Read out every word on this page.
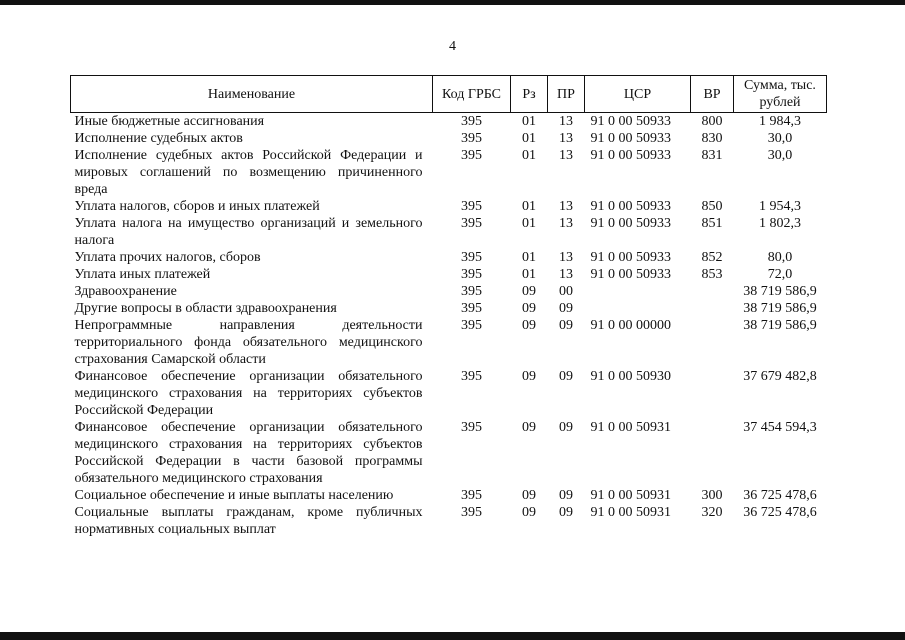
4
Наименование	Код ГРБС	Рз	ПР	ЦСР	ВР	Сумма, тыс. рублей
Иные бюджетные ассигнования	395	01	13	91 0 00 50933	800	1 984,3
Исполнение судебных актов	395	01	13	91 0 00 50933	830	30,0
Исполнение судебных актов Российской Федерации и мировых соглашений по возмещению причиненного вреда	395	01	13	91 0 00 50933	831	30,0
Уплата налогов, сборов и иных платежей	395	01	13	91 0 00 50933	850	1 954,3
Уплата налога на имущество организаций и земельного налога	395	01	13	91 0 00 50933	851	1 802,3
Уплата прочих налогов, сборов	395	01	13	91 0 00 50933	852	80,0
Уплата иных платежей	395	01	13	91 0 00 50933	853	72,0
Здравоохранение	395	09	00			38 719 586,9
Другие вопросы в области здравоохранения	395	09	09			38 719 586,9
Непрограммные направления деятельности территориального фонда обязательного медицинского страхования Самарской области	395	09	09	91 0 00 00000		38 719 586,9
Финансовое обеспечение организации обязательного медицинского страхования на территориях субъектов Российской Федерации	395	09	09	91 0 00 50930		37 679 482,8
Финансовое обеспечение организации обязательного медицинского страхования на территориях субъектов Российской Федерации в части базовой программы обязательного медицинского страхования	395	09	09	91 0 00 50931		37 454 594,3
Социальное обеспечение и иные выплаты населению	395	09	09	91 0 00 50931	300	36 725 478,6
Социальные выплаты гражданам, кроме публичных нормативных социальных выплат	395	09	09	91 0 00 50931	320	36 725 478,6
